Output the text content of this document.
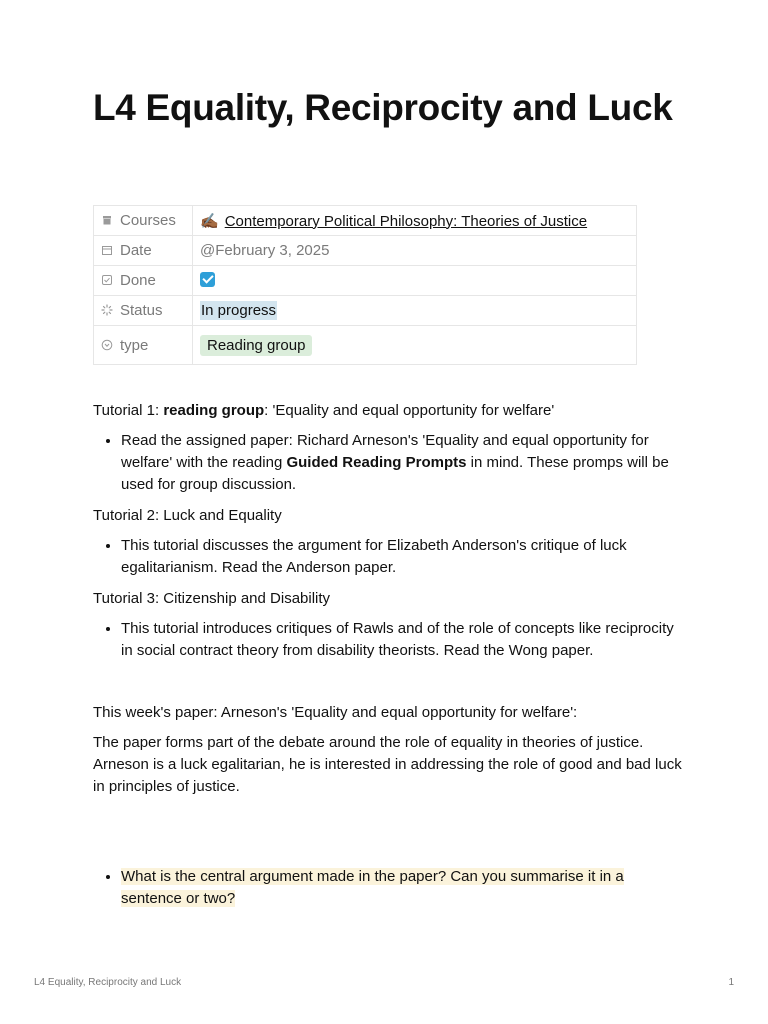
L4 Equality, Reciprocity and Luck
Courses	✍🏾 Contemporary Political Philosophy: Theories of Justice
Date	@February 3, 2025
Done	
Status	In progress
type	Reading group

Tutorial 1: reading group: 'Equality and equal opportunity for welfare'

• Read the assigned paper: Richard Arneson's 'Equality and equal opportunity for welfare' with the reading Guided Reading Prompts in mind. These promps will be used for group discussion.

Tutorial 2: Luck and Equality

• This tutorial discusses the argument for Elizabeth Anderson's critique of luck egalitarianism. Read the Anderson paper.

Tutorial 3: Citizenship and Disability

• This tutorial introduces critiques of Rawls and of the role of concepts like reciprocity in social contract theory from disability theorists. Read the Wong paper.

This week's paper: Arneson's 'Equality and equal opportunity for welfare':

The paper forms part of the debate around the role of equality in theories of justice. Arneson is a luck egalitarian, he is interested in addressing the role of good and bad luck in principles of justice.

• What is the central argument made in the paper? Can you summarise it in a sentence or two?
L4 Equality, Reciprocity and Luck	1
